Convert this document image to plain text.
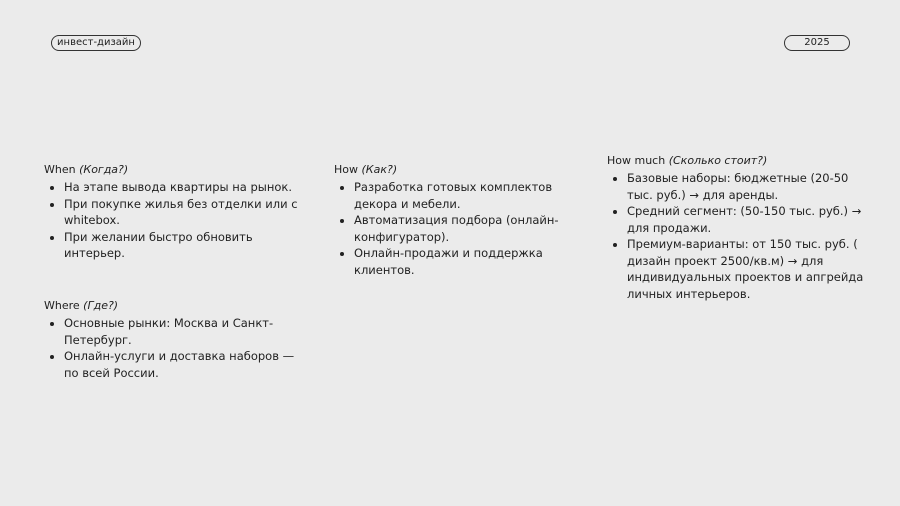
инвест-дизайн	2025
When (Когда?)
• На этапе вывода квартиры на рынок.
• При покупке жилья без отделки или с whitebox.
• При желании быстро обновить интерьер.
Where (Где?)
• Основные рынки: Москва и Санкт-Петербург.
• Онлайн-услуги и доставка наборов — по всей России.
How (Как?)
• Разработка готовых комплектов декора и мебели.
• Автоматизация подбора (онлайн-конфигуратор).
• Онлайн-продажи и поддержка клиентов.
How much (Сколько стоит?)
• Базовые наборы: бюджетные (20-50 тыс. руб.) → для аренды.
• Средний сегмент: (50-150 тыс. руб.) → для продажи.
• Премиум-варианты: от 150 тыс. руб. ( дизайн проект 2500/кв.м) → для индивидуальных проектов и апгрейда личных интерьеров.
